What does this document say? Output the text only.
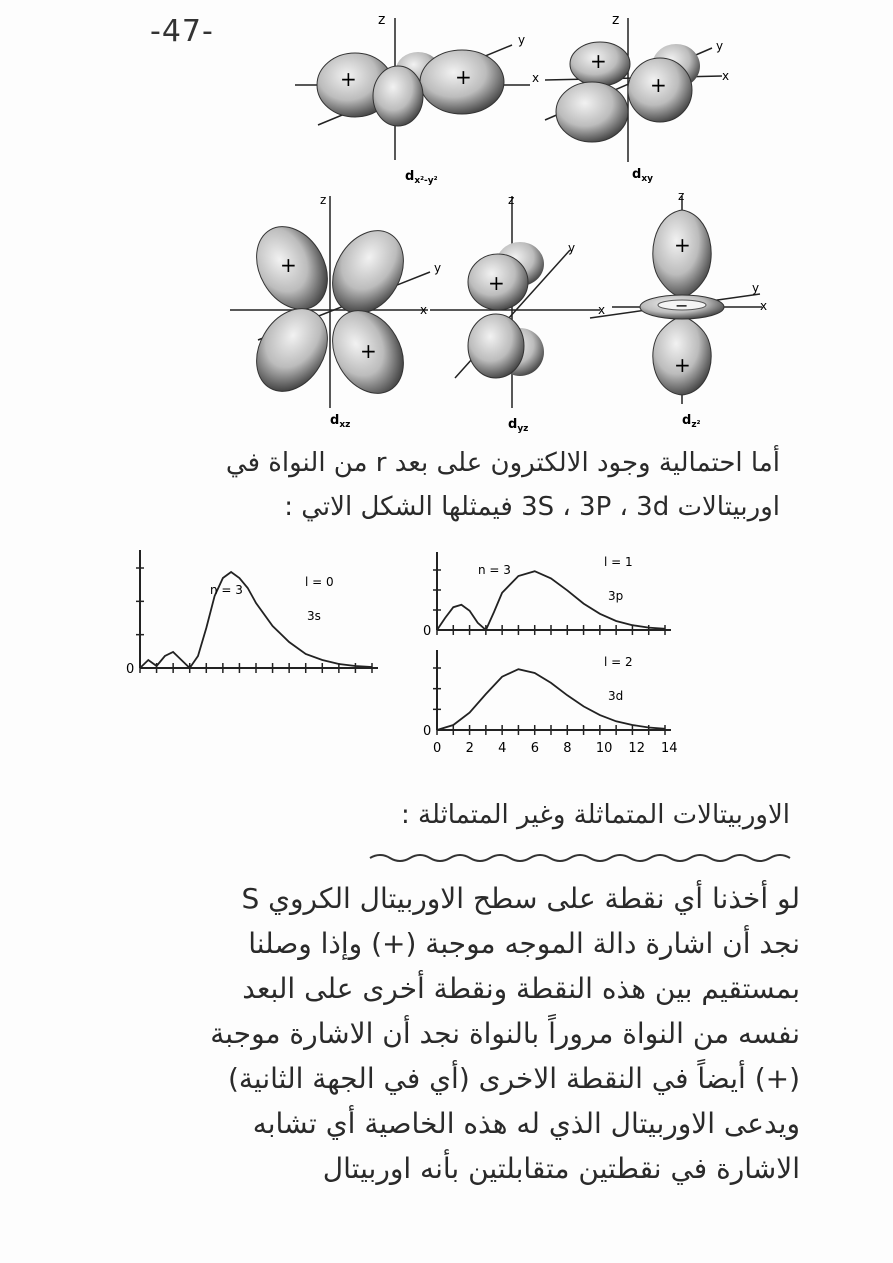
-47-	z
y
x
+	+
$d_{x^2-y^2}$
z
y
x
+
+
$d_{xy}$
z
y
x
+
+
$d_{xz}$
z
y
x
+
$d_{yz}$
z
y
x
+
−
+
$d_{z^2}$
أما احتمالية وجود الالكترون على بعد r من النواة في
اوربيتالات 3S ، 3P ، 3d فيمثلها الشكل الاتي :
0
n = 3
l = 0
3s
0
n = 3
l = 1
3p
0
l = 2
3d
0 2 4 6 8 10 12 14
الاوربيتالات المتماثلة وغير المتماثلة :
لو أخذنا أي نقطة على سطح الاوربيتال الكروي S
نجد أن اشارة دالة الموجه موجبة (+) وإذا وصلنا
بمستقيم بين هذه النقطة ونقطة أخرى على البعد
نفسه من النواة مروراً بالنواة نجد أن الاشارة موجبة
(+) أيضاً في النقطة الاخرى (أي في الجهة الثانية)
ويدعى الاوربيتال الذي له هذه الخاصية أي تشابه
الاشارة في نقطتين متقابلتين بأنه اوربيتال
